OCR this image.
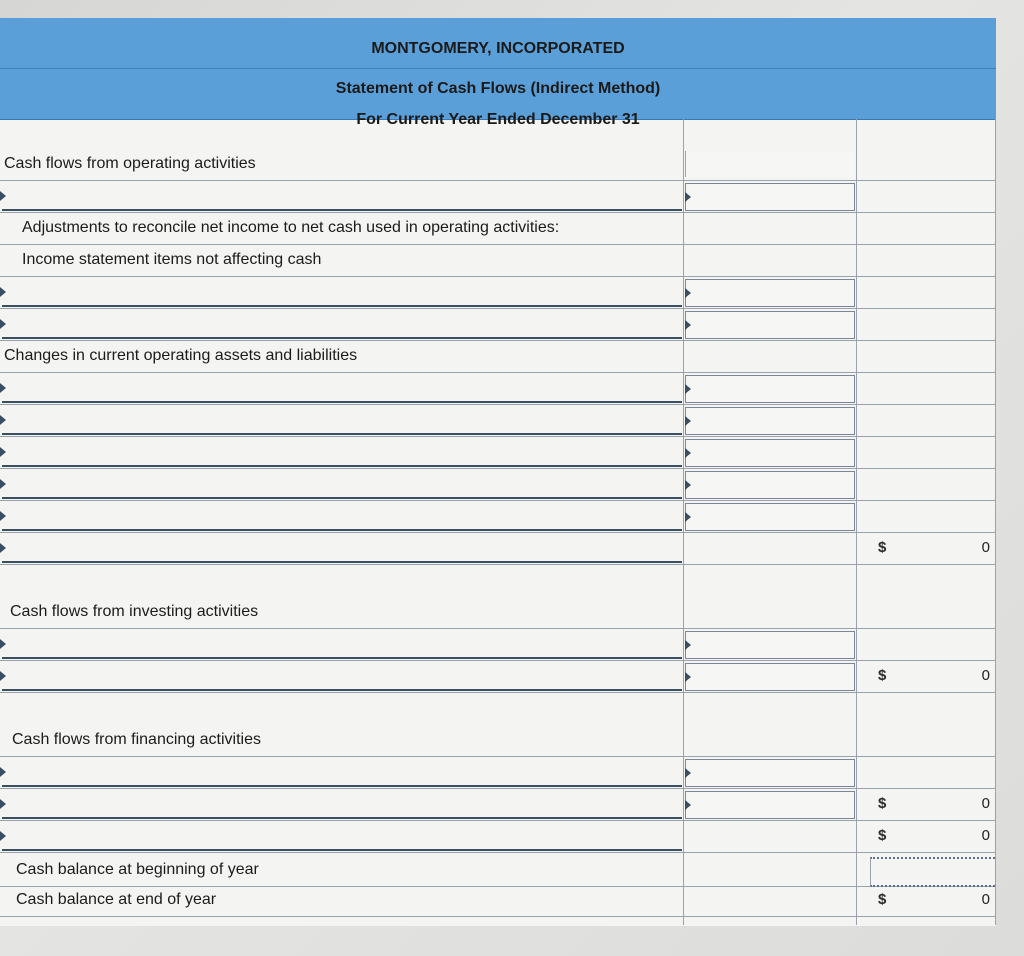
MONTGOMERY, INCORPORATED
Statement of Cash Flows (Indirect Method)
For Current Year Ended December 31
Cash flows from operating activities
Adjustments to reconcile net income to net cash used in operating activities:
Income statement items not affecting cash
Changes in current operating assets and liabilities
$	0
Cash flows from investing activities
$	0
Cash flows from financing activities
$	0
$	0
Cash balance at beginning of year
Cash balance at end of year	$	0
